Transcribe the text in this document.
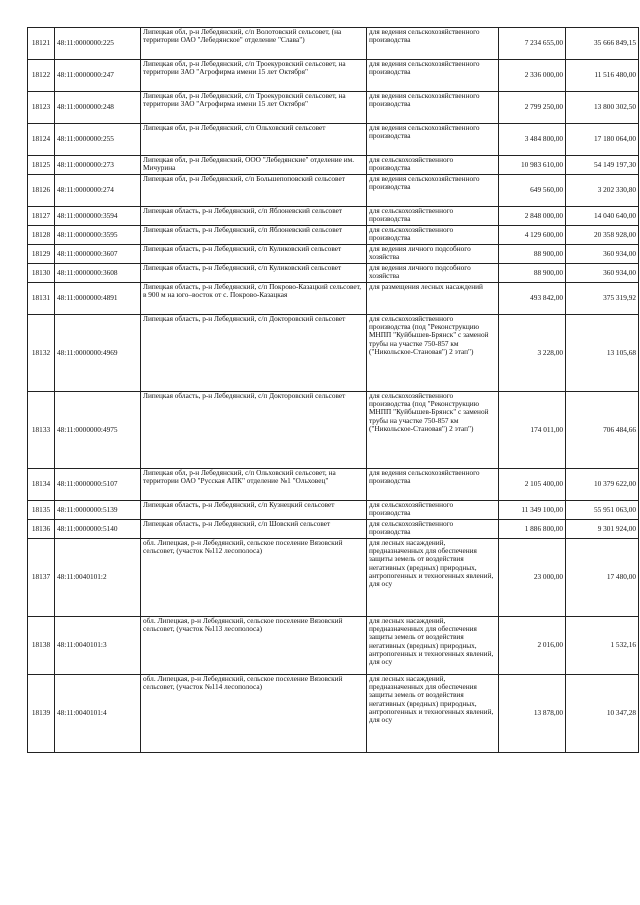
18121	48:11:0000000:225	Липецкая обл, р-н Лебедянский, с/п Волотовский сельсовет, (на территории ОАО "Лебедянское" отделение "Слава")	для ведения сельскохозяйственного производства	7 234 655,00	35 666 849,15
18122	48:11:0000000:247	Липецкая обл, р-н Лебедянский, с/п Троекуровский сельсовет, на территории ЗАО "Агрофирма имени 15 лет Октября"	для ведения сельскохозяйственного производства	2 336 000,00	11 516 480,00
18123	48:11:0000000:248	Липецкая обл, р-н Лебедянский, с/п Троекуровский сельсовет, на территории ЗАО "Агрофирма имени 15 лет Октября"	для ведения сельскохозяйственного производства	2 799 250,00	13 800 302,50
18124	48:11:0000000:255	Липецкая обл, р-н Лебедянский, с/п Ольховский сельсовет	для ведения сельскохозяйственного производства	3 484 800,00	17 180 064,00
18125	48:11:0000000:273	Липецкая обл, р-н Лебедянский, ООО "Лебедянские" отделение им. Мичурина	для сельскохозяйственного производства	10 983 610,00	54 149 197,30
18126	48:11:0000000:274	Липецкая обл, р-н Лебедянский, с/п Большепоповский сельсовет	для ведения сельскохозяйственного производства	649 560,00	3 202 330,80
18127	48:11:0000000:3594	Липецкая область, р-н Лебедянский, с/п Яблоневский сельсовет	для сельскохозяйственного производства	2 848 000,00	14 040 640,00
18128	48:11:0000000:3595	Липецкая область, р-н Лебедянский, с/п Яблоневский сельсовет	для сельскохозяйственного производства	4 129 600,00	20 358 928,00
18129	48:11:0000000:3607	Липецкая область, р-н Лебедянский, с/п Куликовский сельсовет	для ведения личного подсобного хозяйства	88 900,00	360 934,00
18130	48:11:0000000:3608	Липецкая область, р-н Лебедянский, с/п Куликовский сельсовет	для ведения личного подсобного хозяйства	88 900,00	360 934,00
18131	48:11:0000000:4891	Липецкая область, р-н Лебедянский, с/п Покрово-Казацкий сельсовет, в 900 м на юго–восток от с. Покрово-Казацкая	для размещения лесных насаждений	493 842,00	375 319,92
18132	48:11:0000000:4969	Липецкая область, р-н Лебедянский, с/п Докторовский сельсовет	для сельскохозяйственного производства (под "Реконструкцию МНПП "Куйбышев-Брянск" с заменой трубы на участке 750-857 км ("Никольское-Становая") 2 этап")	3 228,00	13 105,68
18133	48:11:0000000:4975	Липецкая область, р-н Лебедянский, с/п Докторовский сельсовет	для сельскохозяйственного производства (под "Реконструкцию МНПП "Куйбышев-Брянск" с заменой трубы на участке 750-857 км ("Никольское-Становая") 2 этап")	174 011,00	706 484,66
18134	48:11:0000000:5107	Липецкая обл, р-н Лебедянский, с/п Ольховский сельсовет, на территории ОАО "Русская АПК" отделение №1 "Ольховец"	для ведения сельскохозяйственного производства	2 105 400,00	10 379 622,00
18135	48:11:0000000:5139	Липецкая область, р-н Лебедянский, с/п Кузнецкий сельсовет	для сельскохозяйственного производства	11 349 100,00	55 951 063,00
18136	48:11:0000000:5140	Липецкая область, р-н Лебедянский, с/п Шовский сельсовет	для сельскохозяйственного производства	1 886 800,00	9 301 924,00
18137	48:11:0040101:2	обл. Липецкая, р-н Лебедянский, сельское поселение Вязовский сельсовет, (участок №112 лесополоса)	для лесных насаждений, предназначенных для обеспечения защиты земель от воздействия негативных (вредных) природных, антропогенных и техногенных явлений, для осу	23 000,00	17 480,00
18138	48:11:0040101:3	обл. Липецкая, р-н Лебедянский, сельское поселение Вязовский сельсовет, (участок №113 лесополоса)	для лесных насаждений, предназначенных для обеспечения защиты земель от воздействия негативных (вредных) природных, антропогенных и техногенных явлений, для осу	2 016,00	1 532,16
18139	48:11:0040101:4	обл. Липецкая, р-н Лебедянский, сельское поселение Вязовский сельсовет, (участок №114 лесополоса)	для лесных насаждений, предназначенных для обеспечения защиты земель от воздействия негативных (вредных) природных, антропогенных и техногенных явлений, для осу	13 878,00	10 347,28
